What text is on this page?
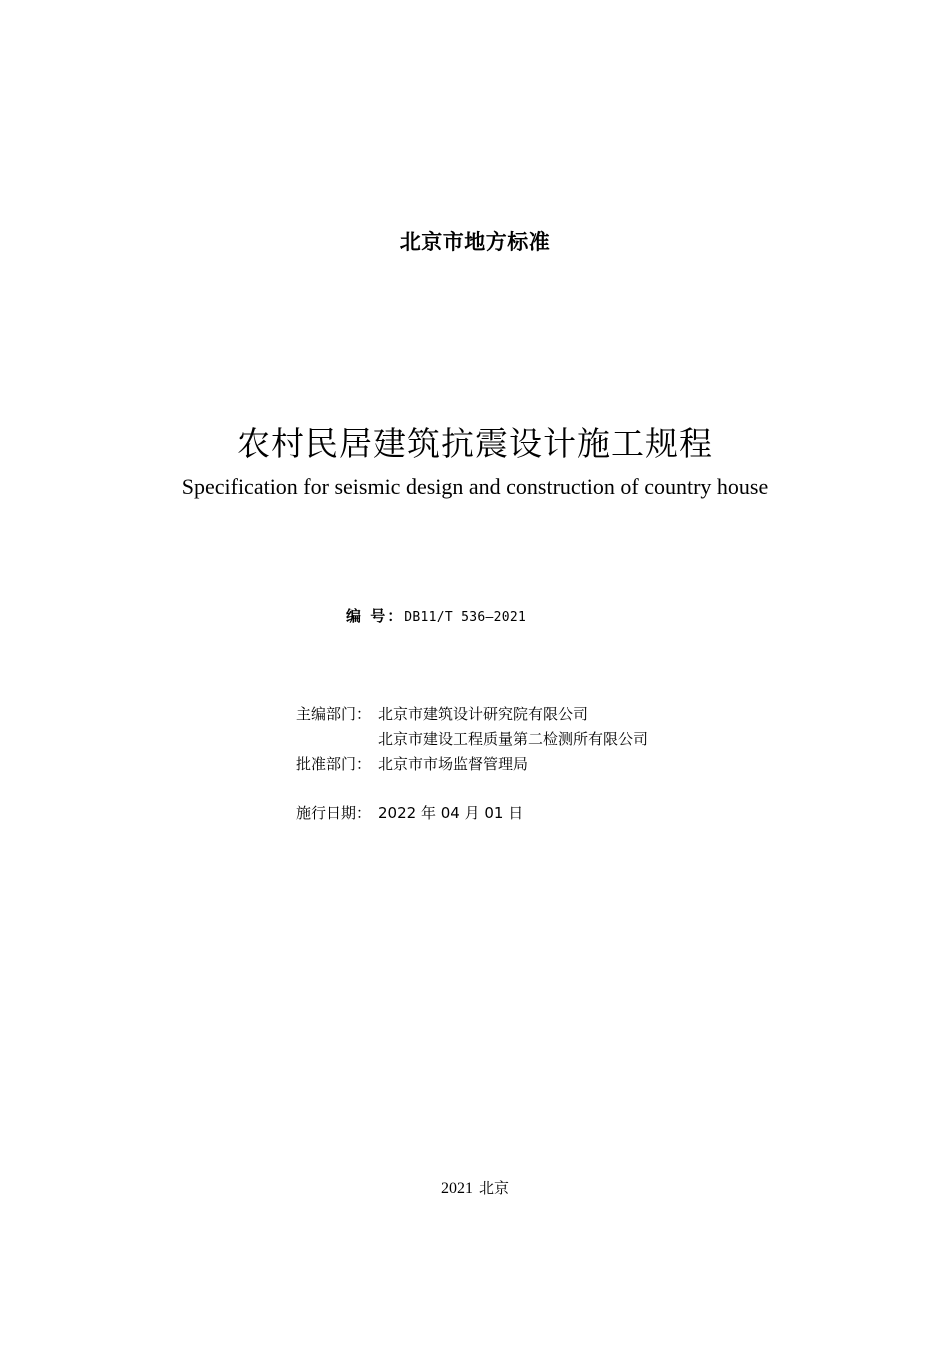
北京市地方标准
农村民居建筑抗震设计施工规程
Specification for seismic design and construction of country house
编 号：DB11/T 536—2021
主编部门： 北京市建筑设计研究院有限公司
北京市建设工程质量第二检测所有限公司
批准部门： 北京市市场监督管理局
施行日期： 2022 年 04 月 01 日
2021 北京
